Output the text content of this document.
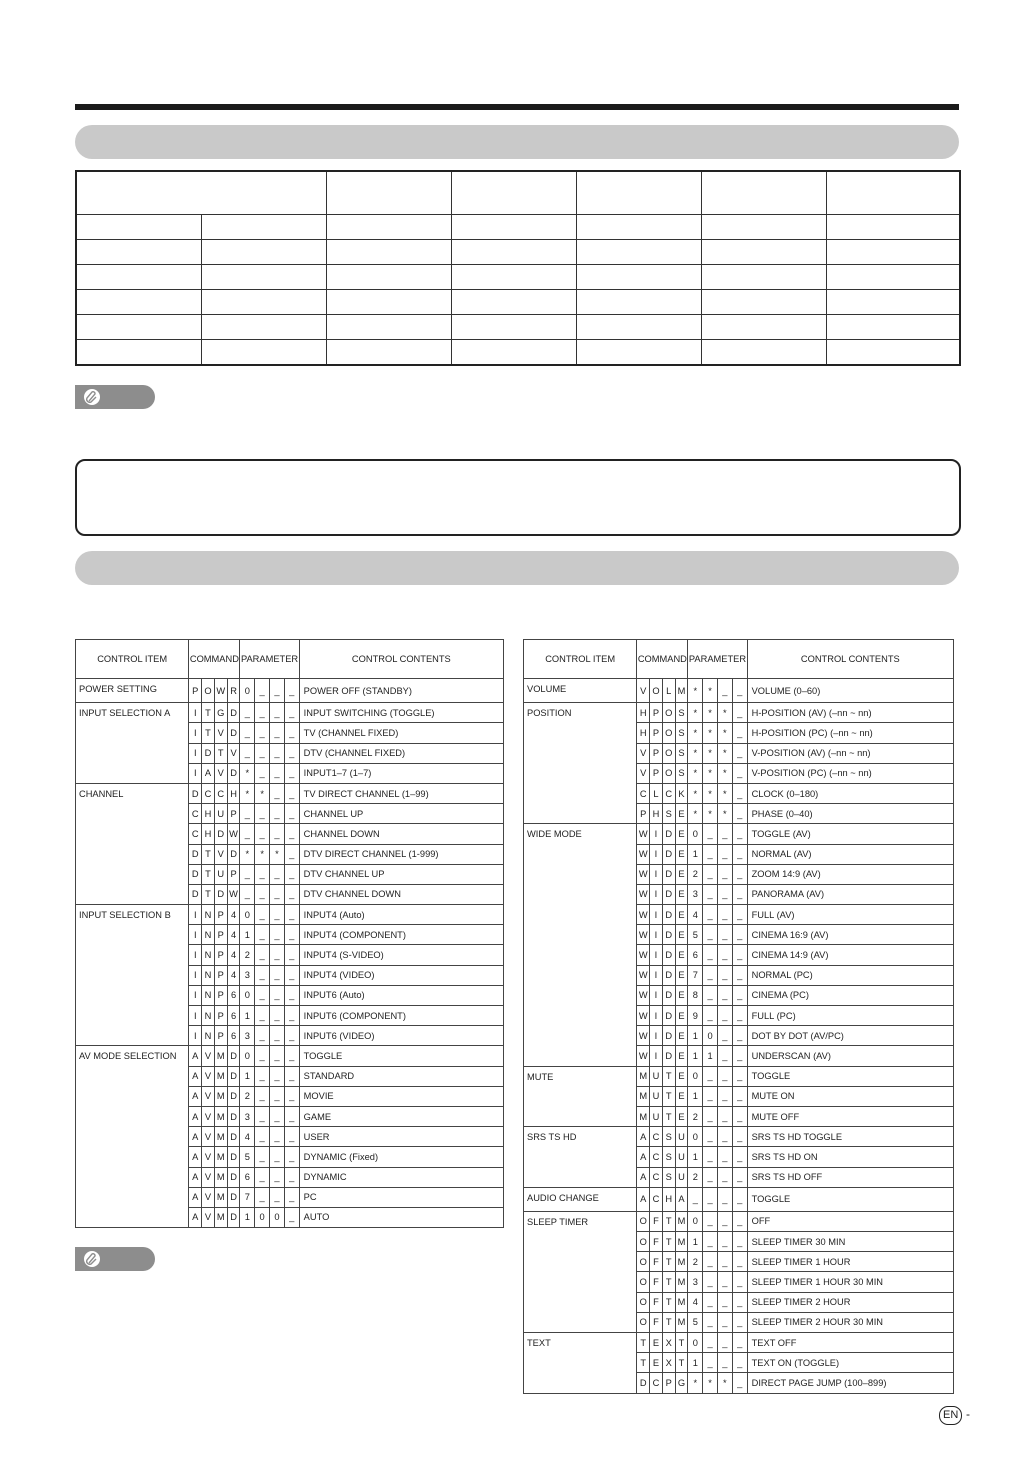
CONTROL ITEM	COMMAND				PARAMETER				CONTROL CONTENTS
POWER SETTING	P	O	W	R	0	_	_	_	POWER OFF (STANDBY)
INPUT SELECTION A	I	T	G	D	_	_	_	_	INPUT SWITCHING (TOGGLE)
	I	T	V	D	_	_	_	_	TV (CHANNEL FIXED)
	I	D	T	V	_	_	_	_	DTV (CHANNEL FIXED)
	I	A	V	D	*	_	_	_	INPUT1–7 (1–7)
CHANNEL	D	C	C	H	*	*	_	_	TV DIRECT CHANNEL (1–99)
	C	H	U	P	_	_	_	_	CHANNEL UP
	C	H	D	W	_	_	_	_	CHANNEL DOWN
	D	T	V	D	*	*	*	_	DTV DIRECT CHANNEL (1-999)
	D	T	U	P	_	_	_	_	DTV CHANNEL UP
	D	T	D	W	_	_	_	_	DTV CHANNEL DOWN
INPUT SELECTION B	I	N	P	4	0	_	_	_	INPUT4 (Auto)
	I	N	P	4	1	_	_	_	INPUT4 (COMPONENT)
	I	N	P	4	2	_	_	_	INPUT4 (S-VIDEO)
	I	N	P	4	3	_	_	_	INPUT4 (VIDEO)
	I	N	P	6	0	_	_	_	INPUT6 (Auto)
	I	N	P	6	1	_	_	_	INPUT6 (COMPONENT)
	I	N	P	6	3	_	_	_	INPUT6 (VIDEO)
AV MODE SELECTION	A	V	M	D	0	_	_	_	TOGGLE
	A	V	M	D	1	_	_	_	STANDARD
	A	V	M	D	2	_	_	_	MOVIE
	A	V	M	D	3	_	_	_	GAME
	A	V	M	D	4	_	_	_	USER
	A	V	M	D	5	_	_	_	DYNAMIC (Fixed)
	A	V	M	D	6	_	_	_	DYNAMIC
	A	V	M	D	7	_	_	_	PC
	A	V	M	D	1	0	0	_	AUTO
CONTROL ITEM	COMMAND				PARAMETER				CONTROL CONTENTS
VOLUME	V	O	L	M	*	*	_	_	VOLUME (0–60)
POSITION	H	P	O	S	*	*	*	_	H-POSITION (AV) (–nn ~ nn)
	H	P	O	S	*	*	*	_	H-POSITION (PC) (–nn ~ nn)
	V	P	O	S	*	*	*	_	V-POSITION (AV) (–nn ~ nn)
	V	P	O	S	*	*	*	_	V-POSITION (PC) (–nn ~ nn)
	C	L	C	K	*	*	*	_	CLOCK (0–180)
	P	H	S	E	*	*	*	_	PHASE (0–40)
WIDE MODE	W	I	D	E	0	_	_	_	TOGGLE (AV)
	W	I	D	E	1	_	_	_	NORMAL (AV)
	W	I	D	E	2	_	_	_	ZOOM 14:9 (AV)
	W	I	D	E	3	_	_	_	PANORAMA (AV)
	W	I	D	E	4	_	_	_	FULL (AV)
	W	I	D	E	5	_	_	_	CINEMA 16:9 (AV)
	W	I	D	E	6	_	_	_	CINEMA 14:9 (AV)
	W	I	D	E	7	_	_	_	NORMAL (PC)
	W	I	D	E	8	_	_	_	CINEMA (PC)
	W	I	D	E	9	_	_	_	FULL (PC)
	W	I	D	E	1	0	_	_	DOT BY DOT (AV/PC)
	W	I	D	E	1	1	_	_	UNDERSCAN (AV)
MUTE	M	U	T	E	0	_	_	_	TOGGLE
	M	U	T	E	1	_	_	_	MUTE ON
	M	U	T	E	2	_	_	_	MUTE OFF
SRS TS HD	A	C	S	U	0	_	_	_	SRS TS HD TOGGLE
	A	C	S	U	1	_	_	_	SRS TS HD ON
	A	C	S	U	2	_	_	_	SRS TS HD OFF
AUDIO CHANGE	A	C	H	A	_	_	_	_	TOGGLE
SLEEP TIMER	O	F	T	M	0	_	_	_	OFF
	O	F	T	M	1	_	_	_	SLEEP TIMER 30 MIN
	O	F	T	M	2	_	_	_	SLEEP TIMER 1 HOUR
	O	F	T	M	3	_	_	_	SLEEP TIMER 1 HOUR 30 MIN
	O	F	T	M	4	_	_	_	SLEEP TIMER 2 HOUR
	O	F	T	M	5	_	_	_	SLEEP TIMER 2 HOUR 30 MIN
TEXT	T	E	X	T	0	_	_	_	TEXT OFF
	T	E	X	T	1	_	_	_	TEXT ON (TOGGLE)
	D	C	P	G	*	*	*	_	DIRECT PAGE JUMP (100–899)
EN -
